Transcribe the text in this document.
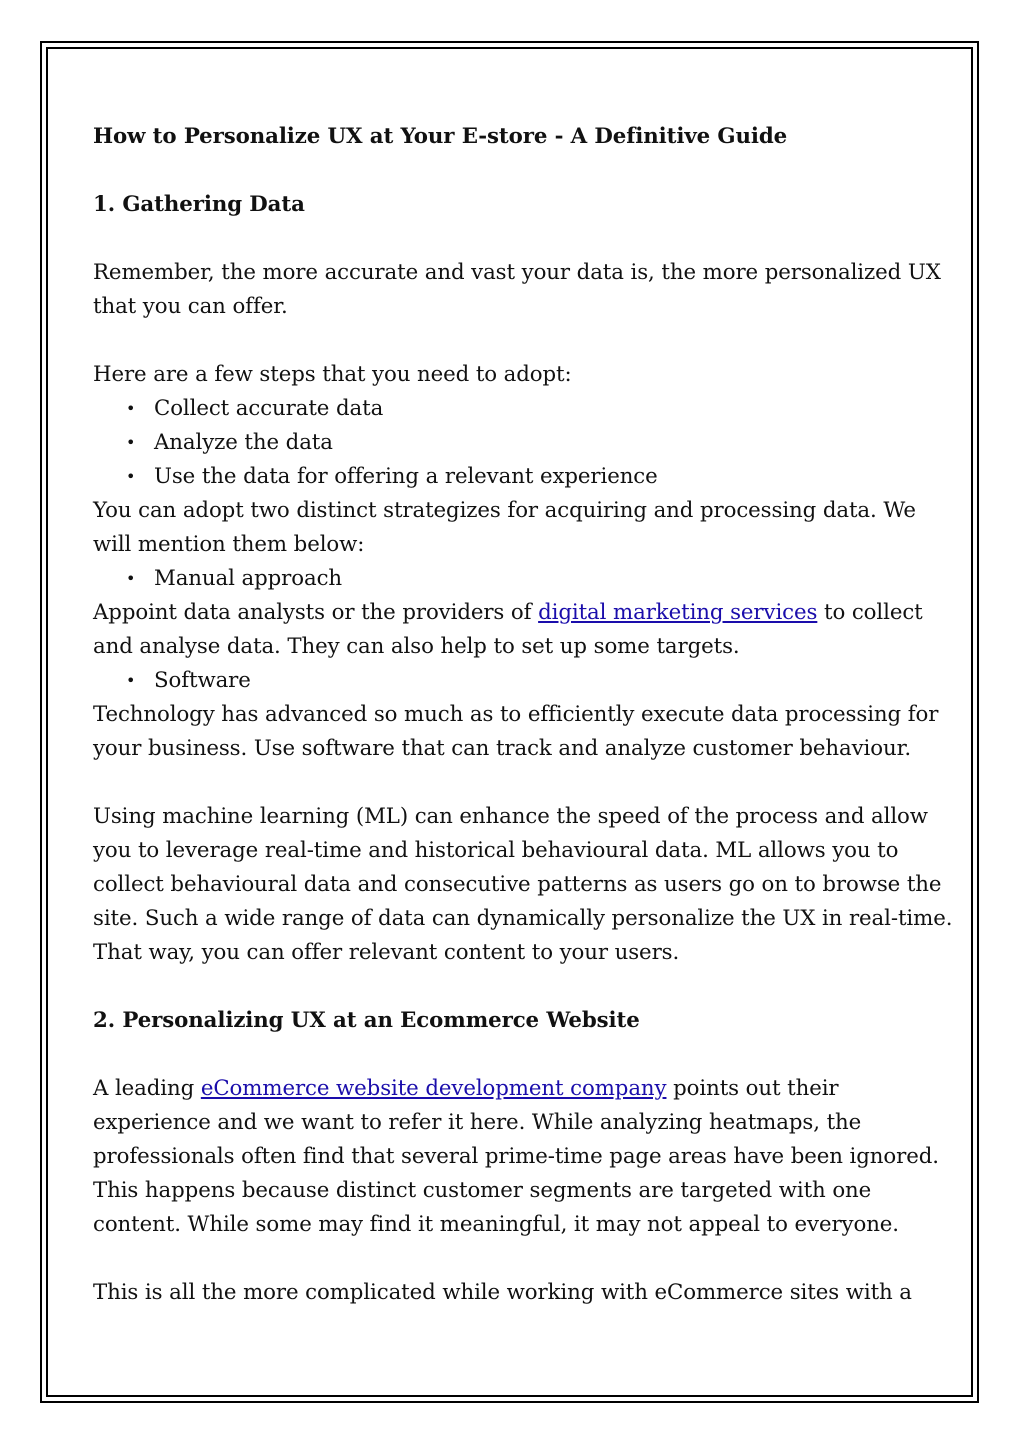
How to Personalize UX at Your E-store - A Definitive Guide
1. Gathering Data

Remember, the more accurate and vast your data is, the more personalized UX that you can offer.

Here are a few steps that you need to adopt:

• Collect accurate data
• Analyze the data
• Use the data for offering a relevant experience

You can adopt two distinct strategizes for acquiring and processing data. We will mention them below:

• Manual approach

Appoint data analysts or the providers of digital marketing services to collect and analyse data. They can also help to set up some targets.

• Software

Technology has advanced so much as to efficiently execute data processing for your business. Use software that can track and analyze customer behaviour.

Using machine learning (ML) can enhance the speed of the process and allow you to leverage real-time and historical behavioural data. ML allows you to collect behavioural data and consecutive patterns as users go on to browse the site. Such a wide range of data can dynamically personalize the UX in real-time. That way, you can offer relevant content to your users.

2. Personalizing UX at an Ecommerce Website

A leading eCommerce website development company points out their experience and we want to refer it here. While analyzing heatmaps, the professionals often find that several prime-time page areas have been ignored. This happens because distinct customer segments are targeted with one content. While some may find it meaningful, it may not appeal to everyone.

This is all the more complicated while working with eCommerce sites with a
